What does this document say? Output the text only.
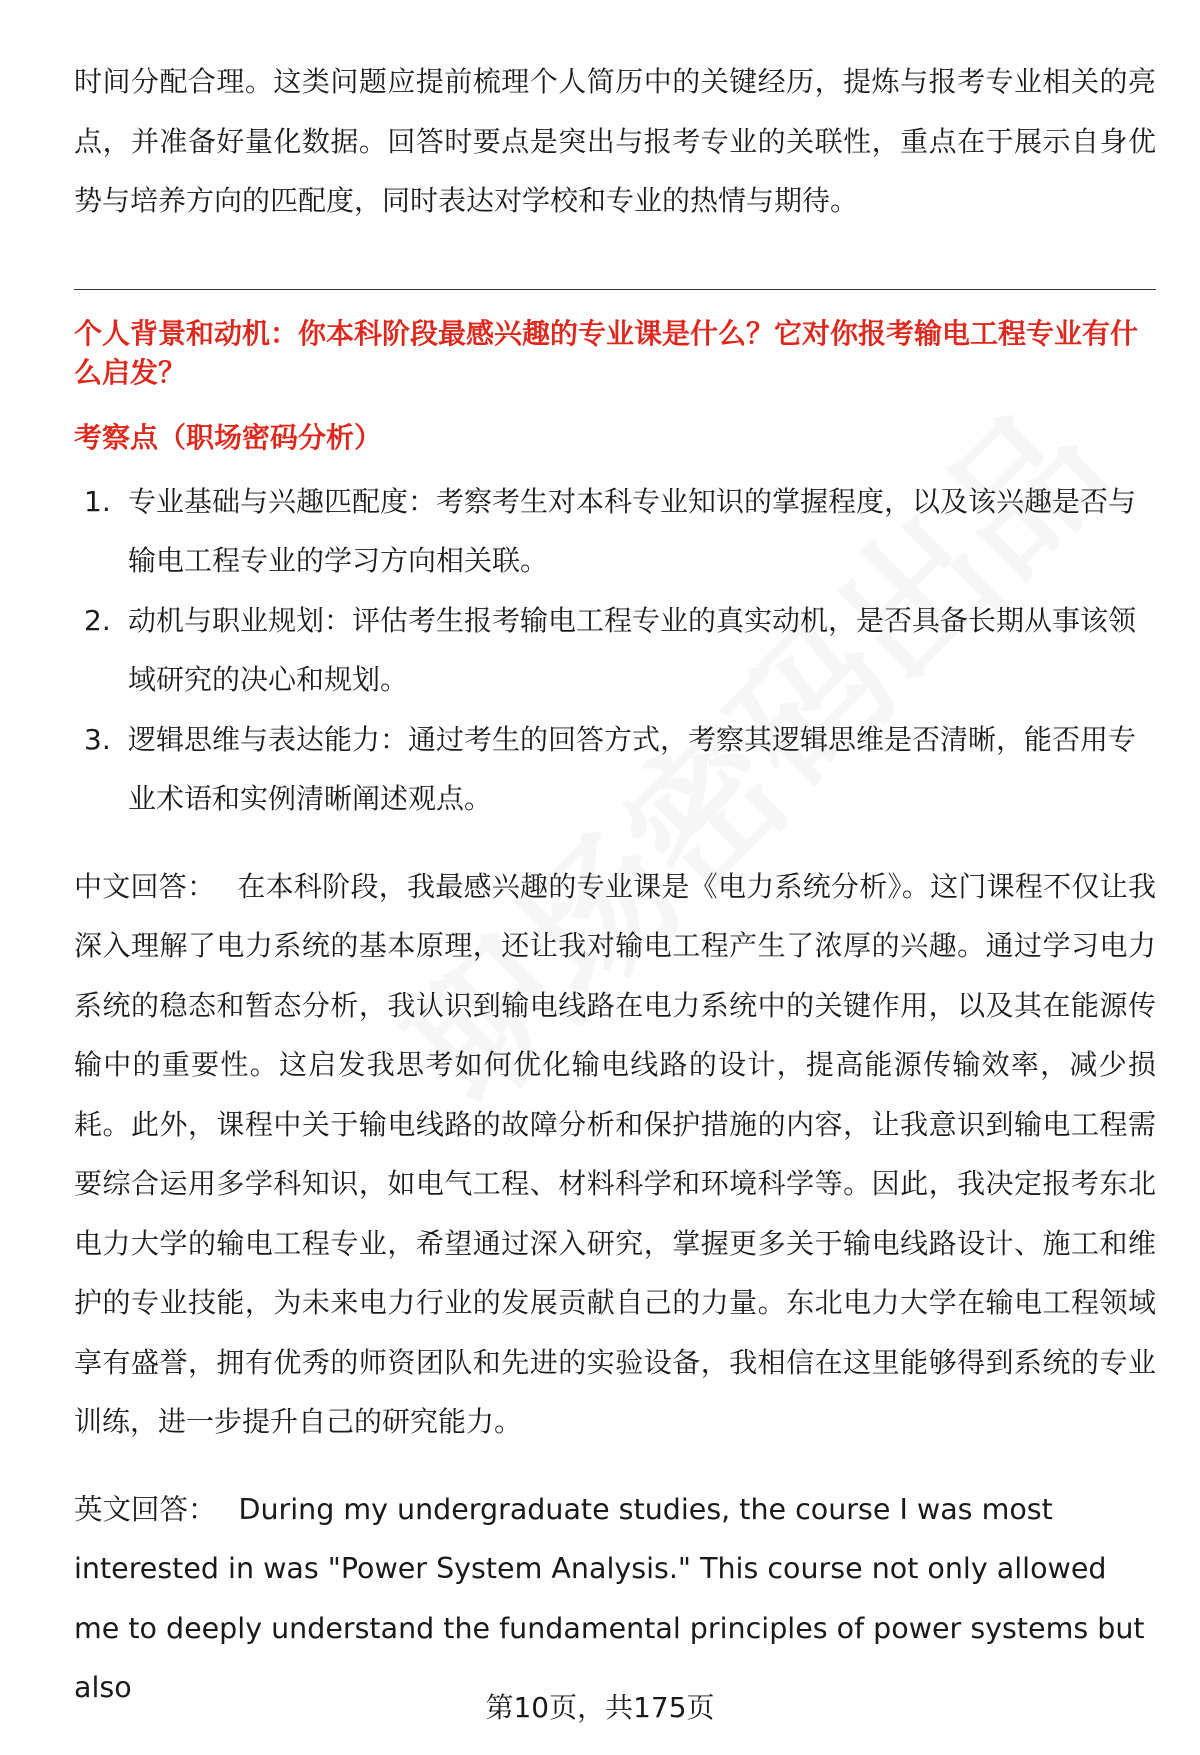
时间分配合理。这类问题应提前梳理个人简历中的关键经历，提炼与报考专业相关的亮点，并准备好量化数据。回答时要点是突出与报考专业的关联性，重点在于展示自身优势与培养方向的匹配度，同时表达对学校和专业的热情与期待。

个人背景和动机：你本科阶段最感兴趣的专业课是什么？它对你报考输电工程专业有什么启发？

考察点（职场密码分析）

1. 专业基础与兴趣匹配度：考察考生对本科专业知识的掌握程度，以及该兴趣是否与输电工程专业的学习方向相关联。
2. 动机与职业规划：评估考生报考输电工程专业的真实动机，是否具备长期从事该领域研究的决心和规划。
3. 逻辑思维与表达能力：通过考生的回答方式，考察其逻辑思维是否清晰，能否用专业术语和实例清晰阐述观点。

中文回答： 在本科阶段，我最感兴趣的专业课是《电力系统分析》。这门课程不仅让我深入理解了电力系统的基本原理，还让我对输电工程产生了浓厚的兴趣。通过学习电力系统的稳态和暂态分析，我认识到输电线路在电力系统中的关键作用，以及其在能源传输中的重要性。这启发我思考如何优化输电线路的设计，提高能源传输效率，减少损耗。此外，课程中关于输电线路的故障分析和保护措施的内容，让我意识到输电工程需要综合运用多学科知识，如电气工程、材料科学和环境科学等。因此，我决定报考东北电力大学的输电工程专业，希望通过深入研究，掌握更多关于输电线路设计、施工和维护的专业技能，为未来电力行业的发展贡献自己的力量。东北电力大学在输电工程领域享有盛誉，拥有优秀的师资团队和先进的实验设备，我相信在这里能够得到系统的专业训练，进一步提升自己的研究能力。

英文回答： During my undergraduate studies, the course I was most interested in was "Power System Analysis." This course not only allowed me to deeply understand the fundamental principles of power systems but also

第10页，共175页
